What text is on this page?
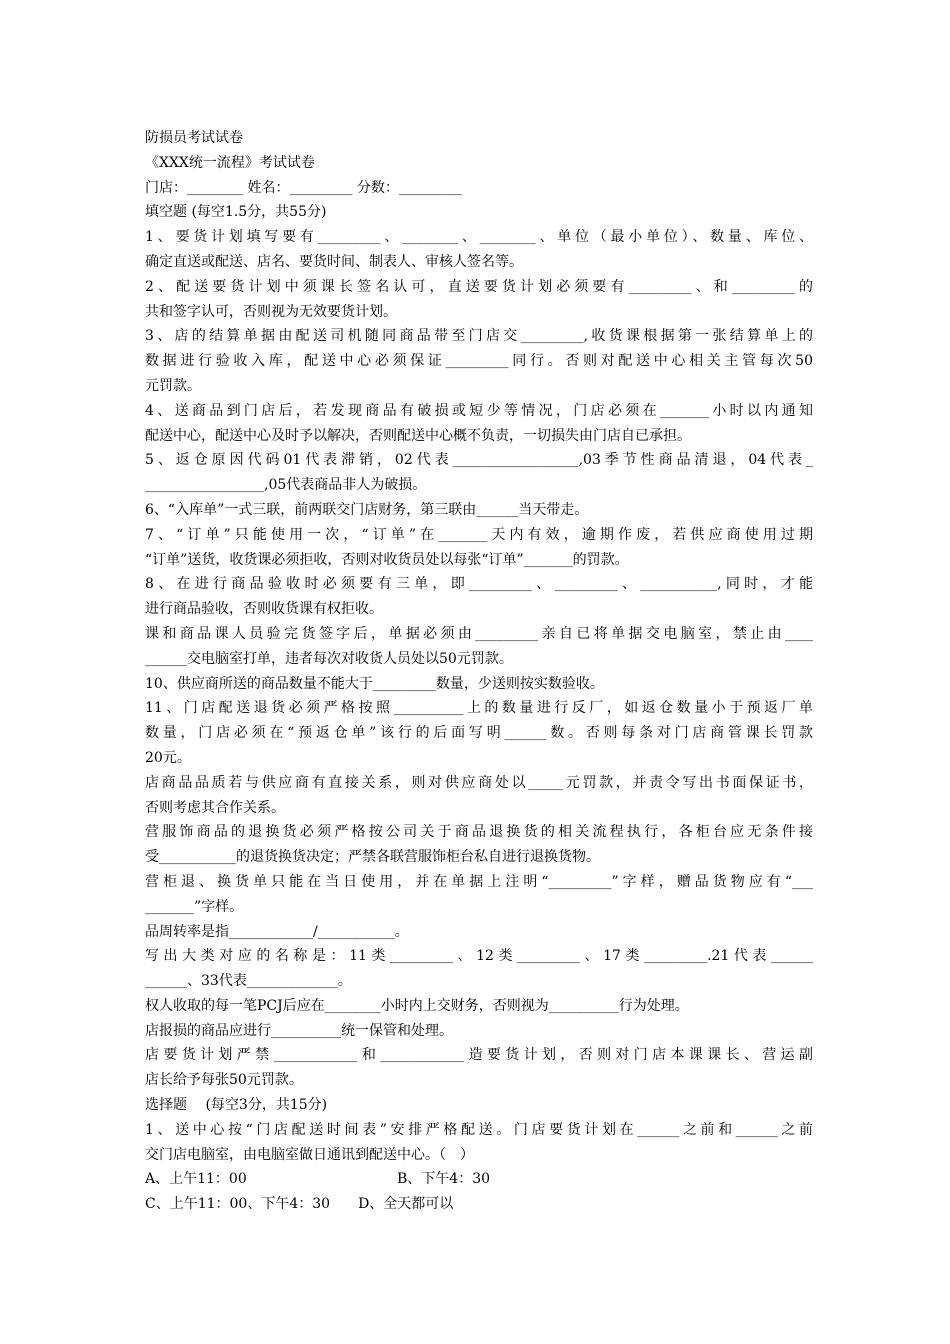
防损员考试试卷
《XXX统一流程》考试试卷
门店：________ 姓名：_________ 分数：_________
填空题 (每空1.5分，共55分)
1、要货计划填写要有_________、________、________、单位（最小单位）、数量、库位、
确定直送或配送、店名、要货时间、制表人、审核人签名等。
2、配送要货计划中须课长签名认可，直送要货计划必须要有_________、和_________的
共和签字认可，否则视为无效要货计划。
3、店的结算单据由配送司机随同商品带至门店交_________,收货课根据第一张结算单上的
数据进行验收入库，配送中心必须保证_________同行。否则对配送中心相关主管每次50
元罚款。
4、送商品到门店后，若发现商品有破损或短少等情况，门店必须在_______小时以内通知
配送中心，配送中心及时予以解决，否则配送中心概不负责，一切损失由门店自已承担。
5、返仓原因代码01代表滞销，02代表__________________,03季节性商品清退，04代表_
_________________,05代表商品非人为破损。
6、“入库单”一式三联，前两联交门店财务，第三联由______当天带走。
7、“订单”只能使用一次，“订单”在_______天内有效，逾期作废，若供应商使用过期
“订单”送货，收货课必须拒收，否则对收货员处以每张“订单”_______的罚款。
8、在进行商品验收时必须要有三单，即_________、_________、___________,同时，才能
进行商品验收，否则收货课有权拒收。
课和商品课人员验完货签字后，单据必须由_________亲自已将单据交电脑室，禁止由____
______交电脑室打单，违者每次对收货人员处以50元罚款。
10、供应商所送的商品数量不能大于_________数量，少送则按实数验收。
11、门店配送退货必须严格按照__________上的数量进行反厂，如返仓数量小于预返厂单
数量，门店必须在“预返仓单”该行的后面写明______数。否则每条对门店商管课长罚款
20元。
店商品品质若与供应商有直接关系，则对供应商处以_____元罚款，并责令写出书面保证书，
否则考虑其合作关系。
营服饰商品的退换货必须严格按公司关于商品退换货的相关流程执行，各柜台应无条件接
受___________的退货换货决定；严禁各联营服饰柜台私自进行退换货物。
营柜退、换货单只能在当日使用，并在单据上注明“_________”字样，赠品货物应有“___
_______”字样。
品周转率是指____________/___________。
写出大类对应的名称是：11类_________、12类_________、17类_________.21代表______
______、33代表_____________。
权人收取的每一笔PCJ后应在________小时内上交财务，否则视为__________行为处理。
店报损的商品应进行__________统一保管和处理。
店要货计划严禁____________和____________造要货计划，否则对门店本课课长、营运副
店长给予每张50元罚款。
选择题 　(每空3分，共15分)
1、送中心按“门店配送时间表”安排严格配送。门店要货计划在______之前和______之前
交门店电脑室，由电脑室做日通讯到配送中心。（　）
A、上午11：00	B、下午4：30
C、上午11：00、下午4：30 D、全天都可以
